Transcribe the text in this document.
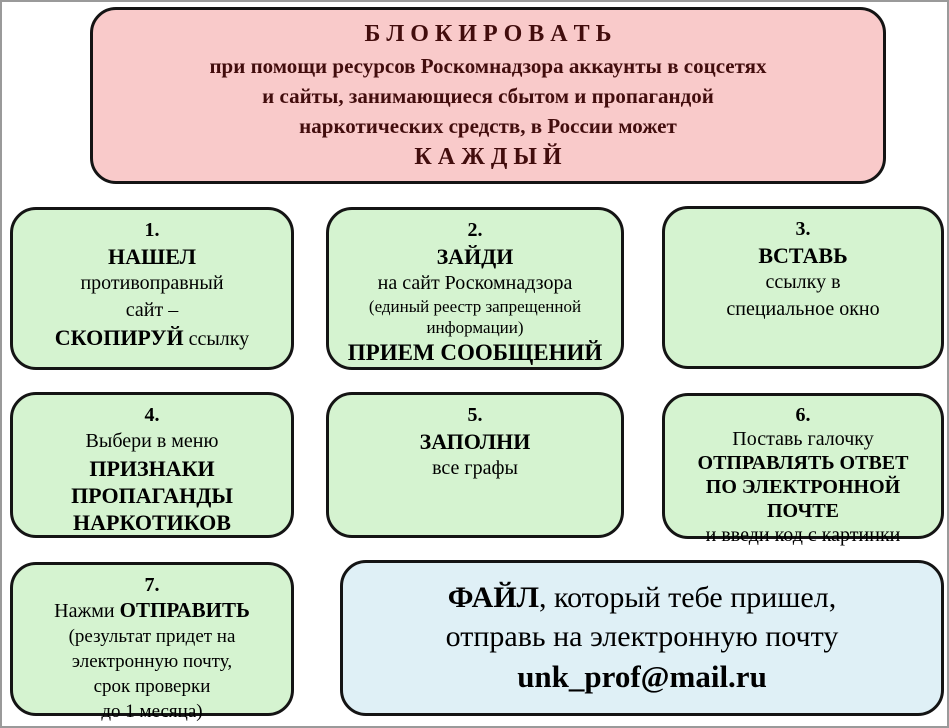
Б Л О К И Р О В А Т Ь
при помощи ресурсов Роскомнадзора аккаунты в соцсетях
и сайты, занимающиеся сбытом и пропагандой
наркотических средств, в России может
К А Ж Д Ы Й
1.
НАШЕЛ
противоправный
сайт –
СКОПИРУЙ ссылку
2.
ЗАЙДИ
на сайт Роскомнадзора
(единый реестр запрещенной
информации)
ПРИЕМ СООБЩЕНИЙ
3.
ВСТАВЬ
ссылку в
специальное окно
4.
Выбери в меню
ПРИЗНАКИ
ПРОПАГАНДЫ
НАРКОТИКОВ
5.
ЗАПОЛНИ
все графы
6.
Поставь галочку
ОТПРАВЛЯТЬ ОТВЕТ
ПО ЭЛЕКТРОННОЙ
ПОЧТЕ
и введи код с картинки
7.
Нажми ОТПРАВИТЬ
(результат придет на
электронную почту,
срок проверки
до 1 месяца)
ФАЙЛ, который тебе пришел,
отправь на электронную почту
unk_prof@mail.ru
